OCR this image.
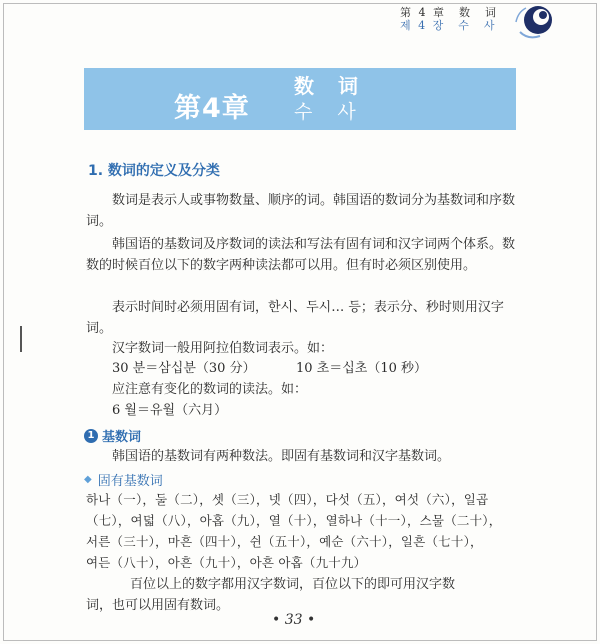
第 4 章　数　词
제 4 장　수　사
第4章
数词
수사
1. 数词的定义及分类
　　数词是表示人或事物数量、顺序的词。韩国语的数词分为基数词和序数词。
　　韩国语的基数词及序数词的读法和写法有固有词和汉字词两个体系。数数的时候百位以下的数字两种读法都可以用。但有时必须区别使用。
　　表示时间时必须用固有词，한시、두시… 등；表示分、秒时则用汉字词。
汉字数词一般用阿拉伯数词表示。如：
30 분＝삼십분（30 分）	10 초＝십초（10 秒）
应注意有变化的数词的读法。如：
6 월＝유월（六月）
1 基数词
韩国语的基数词有两种数法。即固有基数词和汉字基数词。
◆ 固有基数词
하나（一），둘（二），셋（三），넷（四），다섯（五），여섯（六），일곱
（七），여덟（八），아홉（九），열（十），열하나（十一），스물（二十），
서른（三十），마흔（四十），쉰（五十），예순（六十），일흔（七十），
여든（八十），아흔（九十），아흔 아홉（九十九）
百位以上的数字都用汉字数词，百位以下的即可用汉字数
词，也可以用固有数词。
• 33 •
